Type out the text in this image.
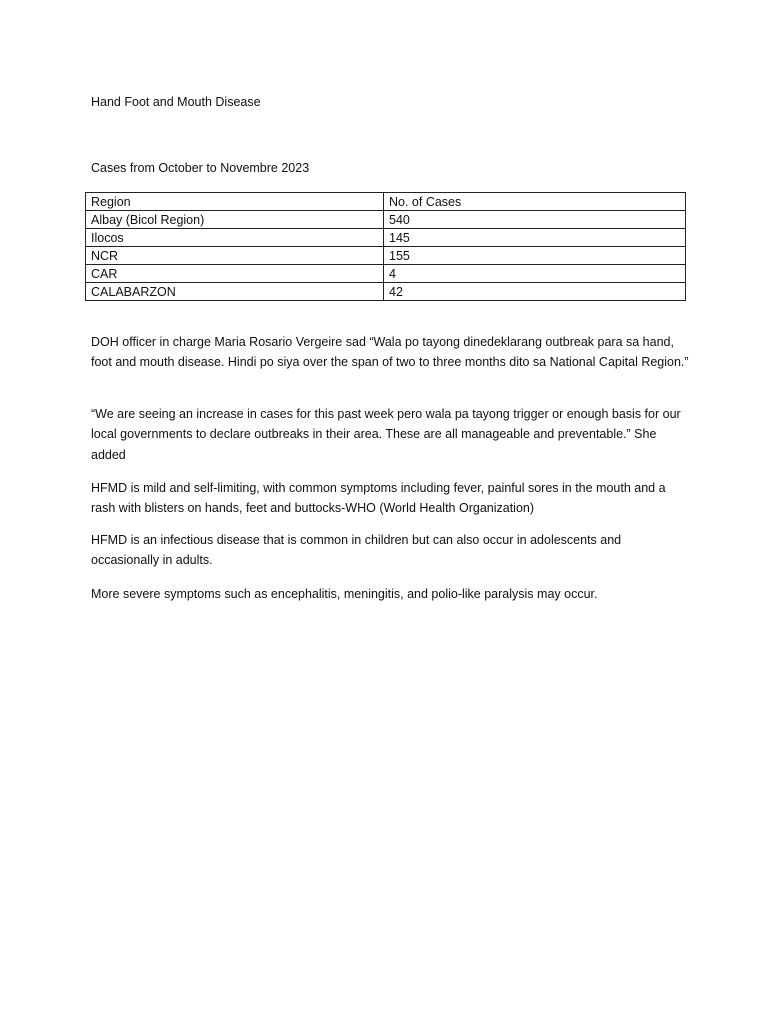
Hand Foot and Mouth Disease
Cases from October to Novembre 2023
Region	No. of Cases
Albay (Bicol Region)	540
Ilocos	145
NCR	155
CAR	4
CALABARZON	42

DOH officer in charge Maria Rosario Vergeire sad “Wala po tayong dinedeklarang outbreak para sa hand, foot and mouth disease. Hindi po siya over the span of two to three months dito sa National Capital Region.”

“We are seeing an increase in cases for this past week pero wala pa tayong trigger or enough basis for our local governments to declare outbreaks in their area. These are all manageable and preventable.” She added

HFMD is mild and self-limiting, with common symptoms including fever, painful sores in the mouth and a rash with blisters on hands, feet and buttocks-WHO (World Health Organization)

HFMD is an infectious disease that is common in children but can also occur in adolescents and occasionally in adults.

More severe symptoms such as encephalitis, meningitis, and polio-like paralysis may occur.
